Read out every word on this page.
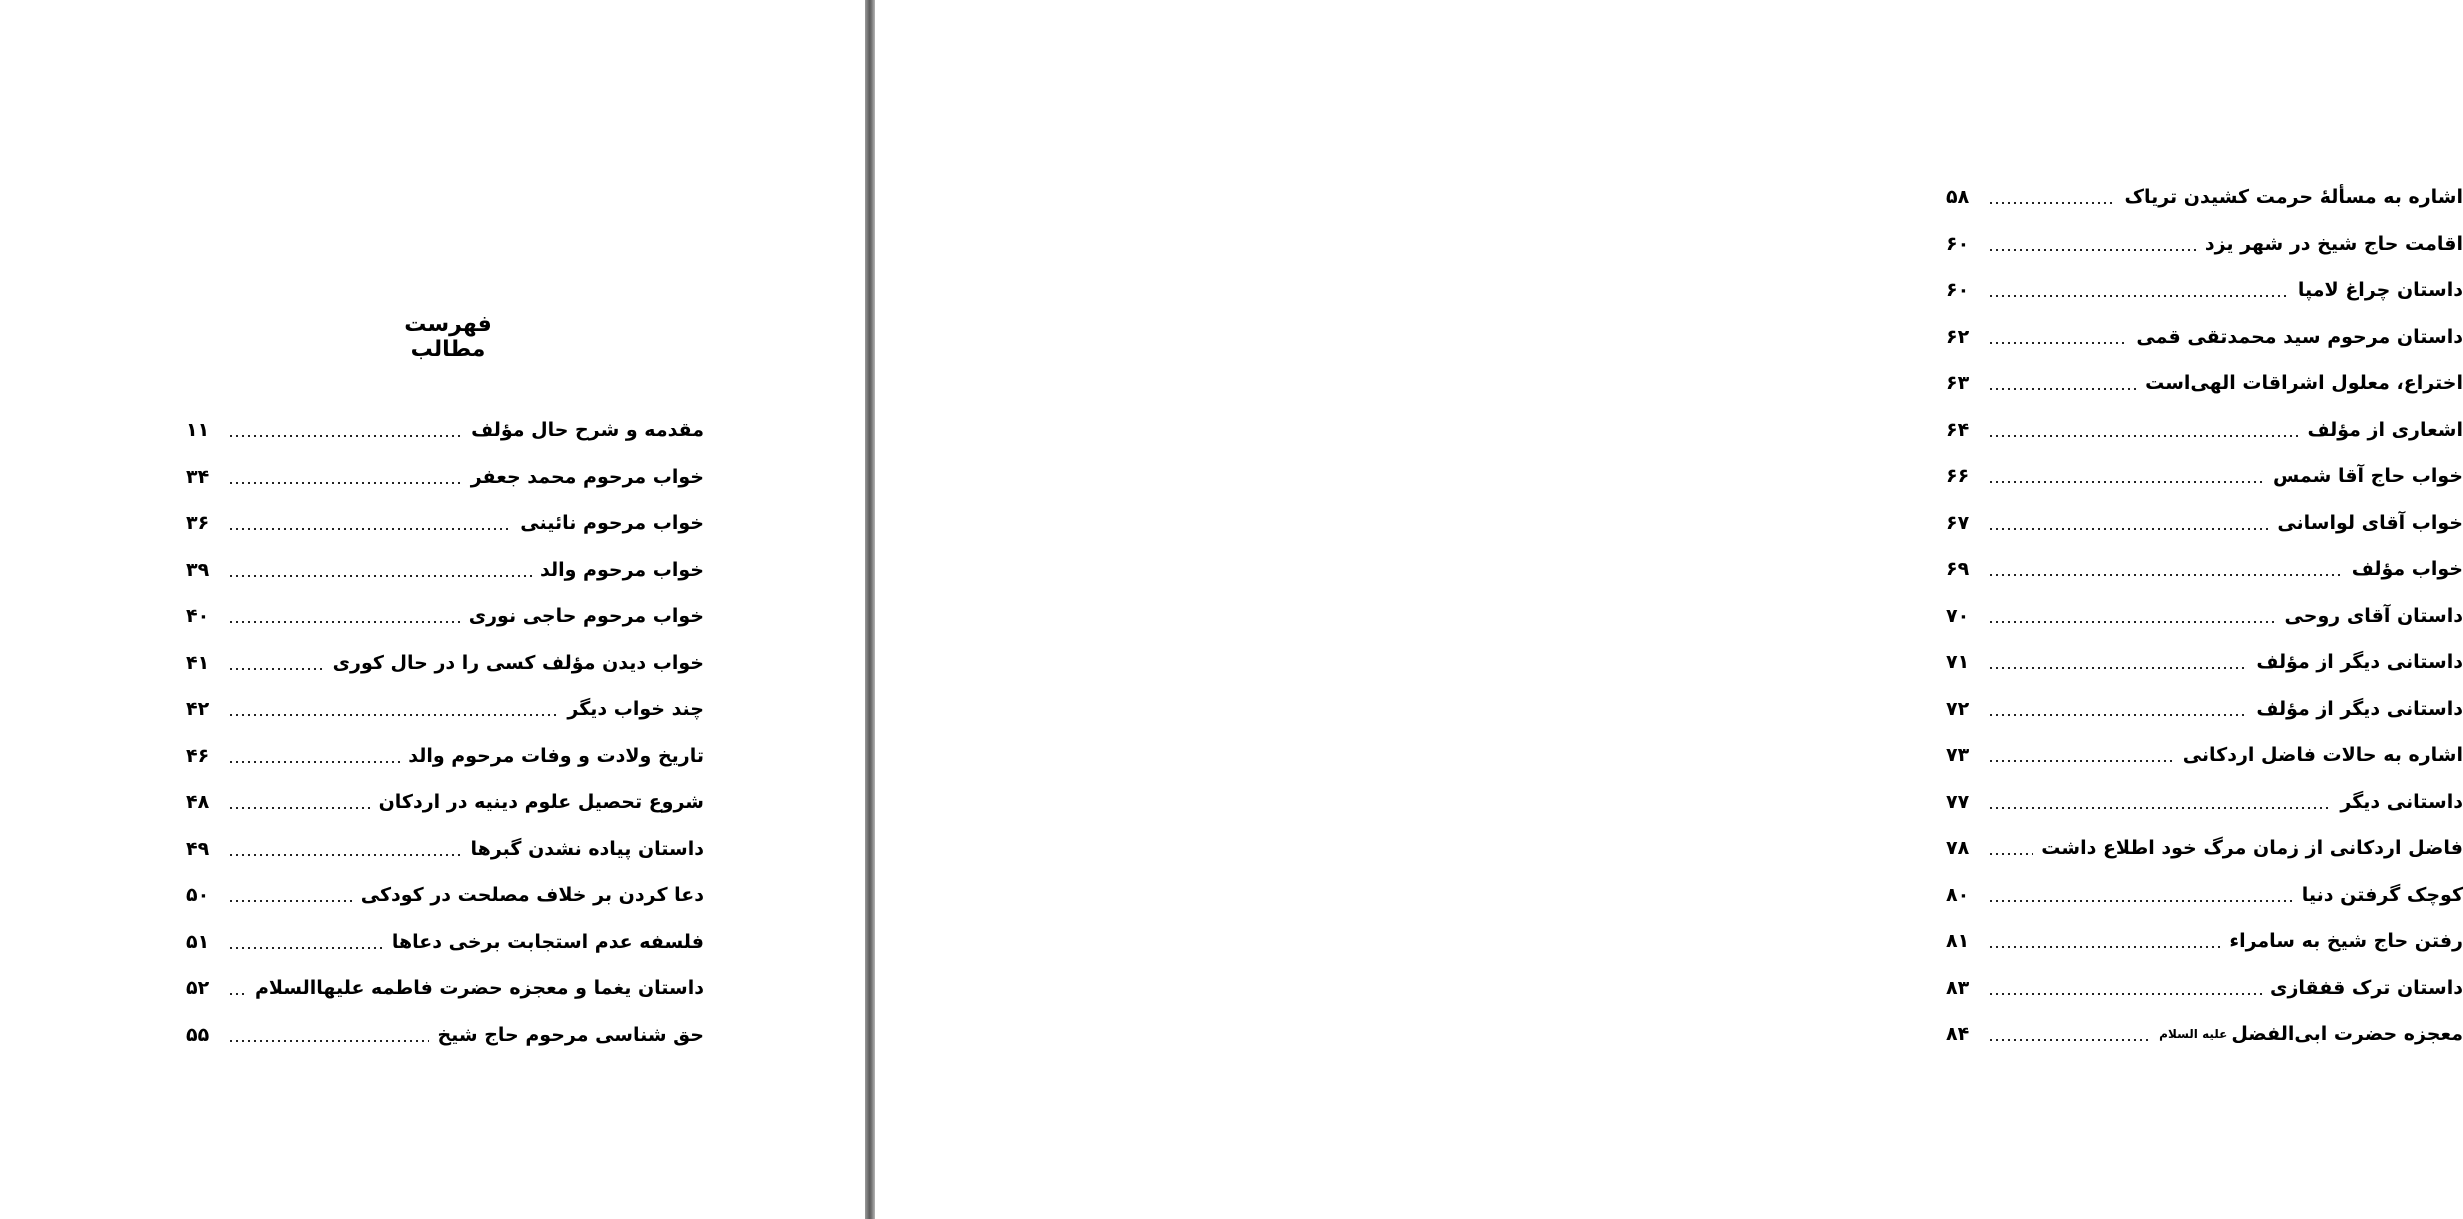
فهرست مطالب
مقدمه و شرح حال مؤلف
۱۱
خواب مرحوم محمد جعفر
۳۴
خواب مرحوم نائینی
۳۶
خواب مرحوم والد
۳۹
خواب مرحوم حاجی نوری
۴۰
خواب دیدن مؤلف کسی را در حال کوری
۴۱
چند خواب دیگر
۴۲
تاریخ ولادت و وفات مرحوم والد
۴۶
شروع تحصیل علوم دینیه در اردکان
۴۸
داستان پیاده نشدن گبرها
۴۹
دعا کردن بر خلاف مصلحت در کودکی
۵۰
فلسفه عدم استجابت برخی دعاها
۵۱
داستان یغما و معجزه حضرت فاطمه علیهاالسلام
۵۲
حق شناسی مرحوم حاج شیخ
۵۵
اشاره به مسألهٔ حرمت کشیدن تریاک
۵۸
اقامت حاج شیخ در شهر یزد
۶۰
داستان چراغ لامپا
۶۰
داستان مرحوم سید محمدتقی قمی
۶۲
اختراع، معلول اشراقات الهی‌است
۶۳
اشعاری از مؤلف
۶۴
خواب حاج آقا شمس
۶۶
خواب آقای لواسانی
۶۷
خواب مؤلف
۶۹
داستان آقای روحی
۷۰
داستانی دیگر از مؤلف
۷۱
داستانی دیگر از مؤلف
۷۲
اشاره به حالات فاضل اردکانی
۷۳
داستانی دیگر
۷۷
فاضل اردکانی از زمان مرگ خود اطلاع داشت
۷۸
کوچک گرفتن دنیا
۸۰
رفتن حاج شیخ به سامراء
۸۱
داستان ترک قفقازی
۸۳
معجزه حضرت ابی‌الفضل
علیه السلام
۸۴
